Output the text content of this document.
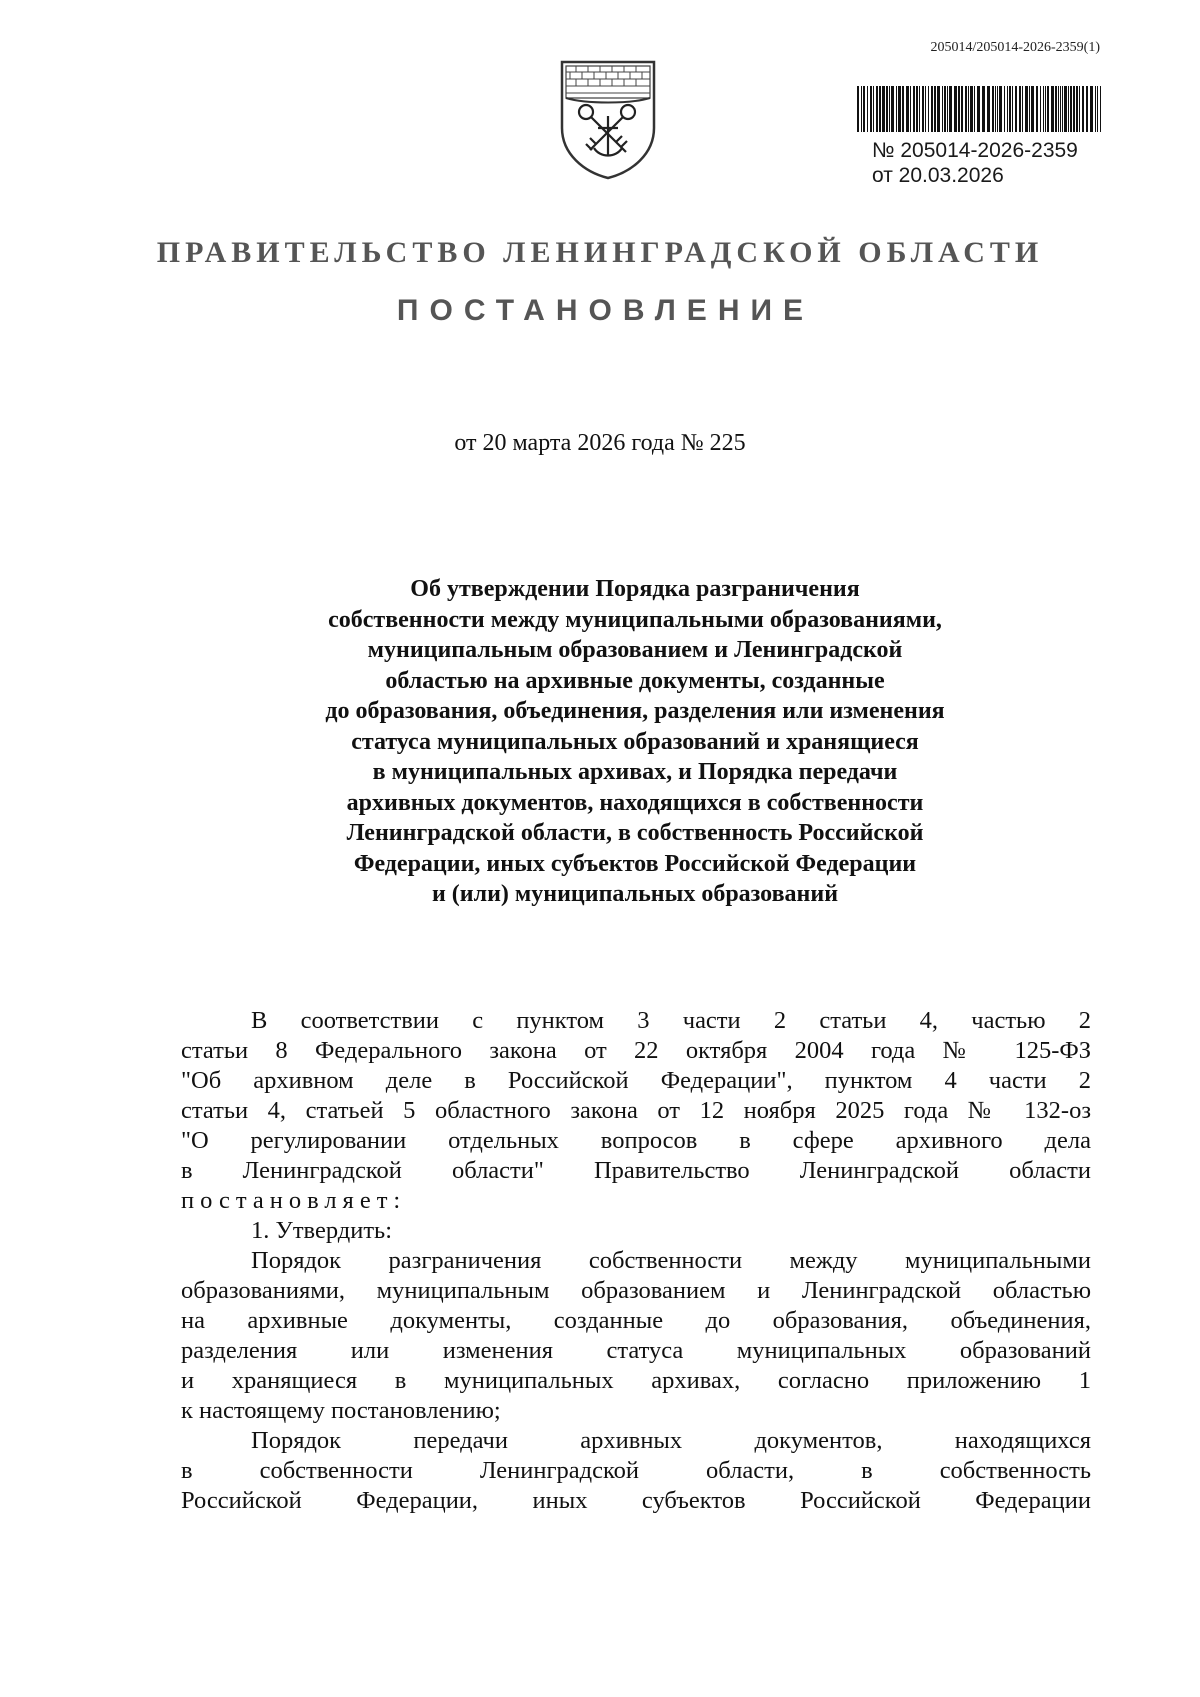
205014/205014-2026-2359(1)
№ 205014-2026-2359
от 20.03.2026
ПРАВИТЕЛЬСТВО ЛЕНИНГРАДСКОЙ ОБЛАСТИ
ПОСТАНОВЛЕНИЕ
от 20 марта 2026 года № 225
Об утверждении Порядка разграничения
собственности между муниципальными образованиями,
муниципальным образованием и Ленинградской
областью на архивные документы, созданные
до образования, объединения, разделения или изменения
статуса муниципальных образований и хранящиеся
в муниципальных архивах, и Порядка передачи
архивных документов, находящихся в собственности
Ленинградской области, в собственность Российской
Федерации, иных субъектов Российской Федерации
и (или) муниципальных образований

В соответствии с пунктом 3 части 2 статьи 4, частью 2

статьи 8 Федерального закона от 22 октября 2004 года № 125-ФЗ

"Об архивном деле в Российской Федерации", пунктом 4 части 2

статьи 4, статьей 5 областного закона от 12 ноября 2025 года № 132-оз

"О регулировании отдельных вопросов в сфере архивного дела

в Ленинградской области" Правительство Ленинградской области

постановляет:

1. Утвердить:

Порядок разграничения собственности между муниципальными

образованиями, муниципальным образованием и Ленинградской областью

на архивные документы, созданные до образования, объединения,

разделения или изменения статуса муниципальных образований

и хранящиеся в муниципальных архивах, согласно приложению 1

к настоящему постановлению;

Порядок передачи архивных документов, находящихся

в собственности Ленинградской области, в собственность

Российской Федерации, иных субъектов Российской Федерации
